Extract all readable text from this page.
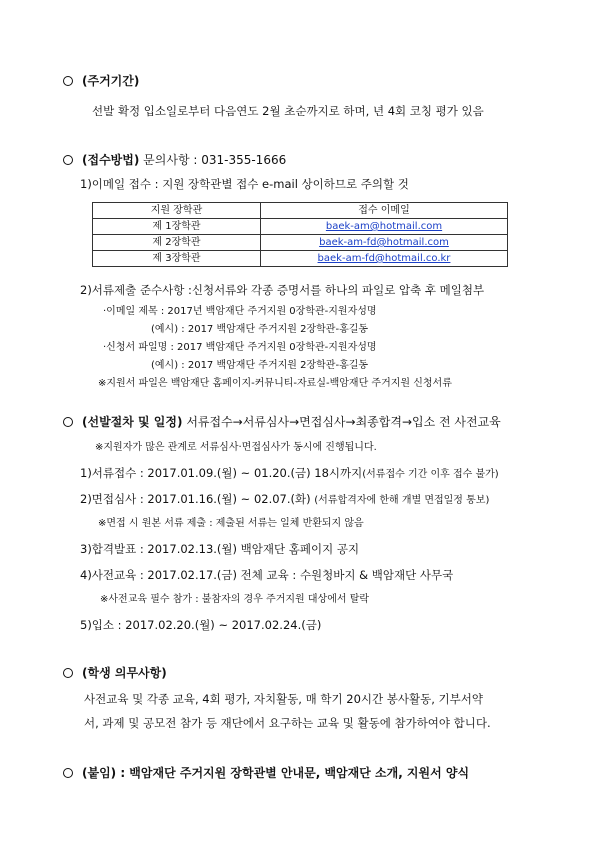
(주거기간)
선발 확정 입소일로부터 다음연도 2월 초순까지로 하며, 년 4회 코칭 평가 있음
(접수방법) 문의사항 : 031-355-1666
1)이메일 접수 : 지원 장학관별 접수 e-mail 상이하므로 주의할 것
지원 장학관	접수 이메일
제 1장학관	baek-am@hotmail.com
제 2장학관	baek-am-fd@hotmail.com
제 3장학관	baek-am-fd@hotmail.co.kr
2)서류제출 준수사항 :신청서류와 각종 증명서를 하나의 파일로 압축 후 메일첨부
·이메일 제목 : 2017년 백암재단 주거지원 0장학관-지원자성명
(예시) : 2017 백암재단 주거지원 2장학관-홍길동
·신청서 파일명 : 2017 백암재단 주거지원 0장학관-지원자성명
(예시) : 2017 백암재단 주거지원 2장학관-홍길동
※지원서 파일은 백암재단 홈페이지-커뮤니티-자료실-백암재단 주거지원 신청서류
(선발절차 및 일정) 서류접수→서류심사→면접심사→최종합격→입소 전 사전교육
※지원자가 많은 관계로 서류심사·면접심사가 동시에 진행됩니다.
1)서류접수 : 2017.01.09.(월) ~ 01.20.(금) 18시까지(서류접수 기간 이후 접수 불가)
2)면접심사 : 2017.01.16.(월) ~ 02.07.(화) (서류합격자에 한해 개별 면접일정 통보)
※면접 시 원본 서류 제출 : 제출된 서류는 일체 반환되지 않음
3)합격발표 : 2017.02.13.(월) 백암재단 홈페이지 공지
4)사전교육 : 2017.02.17.(금) 전체 교육 : 수원청바지 & 백암재단 사무국
※사전교육 필수 참가 : 불참자의 경우 주거지원 대상에서 탈락
5)입소 : 2017.02.20.(월) ~ 2017.02.24.(금)
(학생 의무사항)
사전교육 및 각종 교육, 4회 평가, 자치활동, 매 학기 20시간 봉사활동, 기부서약
서, 과제 및 공모전 참가 등 재단에서 요구하는 교육 및 활동에 참가하여야 합니다.
(붙임) : 백암재단 주거지원 장학관별 안내문, 백암재단 소개, 지원서 양식
